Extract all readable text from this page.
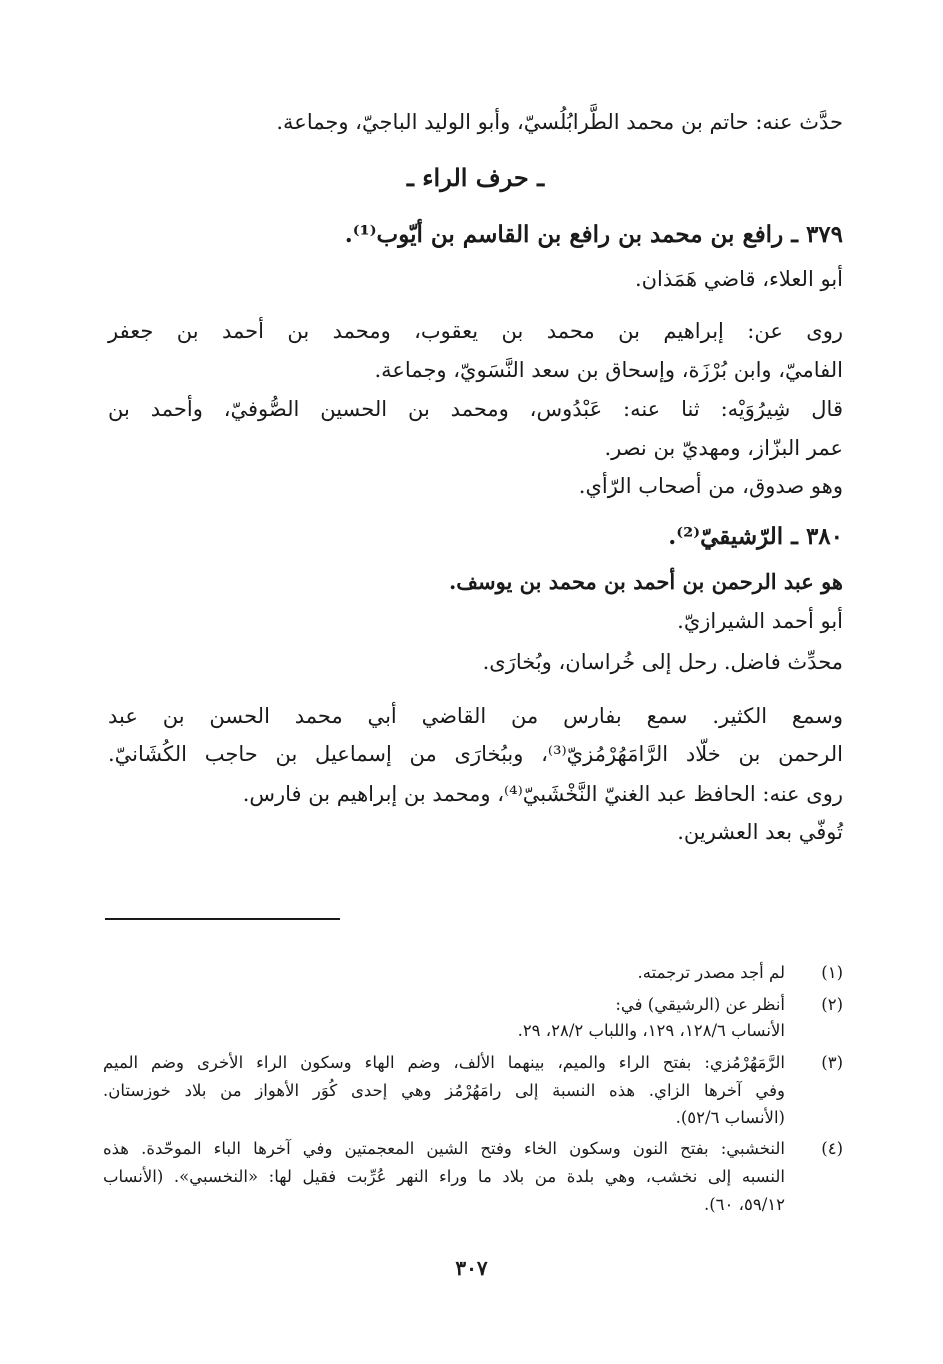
حدَّث عنه: حاتم بن محمد الطَّرابُلُسيّ، وأبو الوليد الباجيّ، وجماعة.
ـ حرف الراء ـ
٣٧٩ ـ رافع بن محمد بن رافع بن القاسم بن أيّوب⁽¹⁾.
أبو العلاء، قاضي هَمَذان.
روى عن: إبراهيم بن محمد بن يعقوب، ومحمد بن أحمد بن جعفر
الفاميّ، وابن بُرْزَة، وإسحاق بن سعد النَّسَويّ، وجماعة.
قال شِيرُوَيْه: ثنا عنه: عَبْدُوس، ومحمد بن الحسين الصُّوفيّ، وأحمد بن
عمر البزّاز، ومهديّ بن نصر.
وهو صدوق، من أصحاب الرّأي.
٣٨٠ ـ الرّشيقيّ⁽²⁾.
هو عبد الرحمن بن أحمد بن محمد بن يوسف.
أبو أحمد الشيرازيّ.
محدِّث فاضل. رحل إلى خُراسان، وبُخارَى.
وسمع الكثير. سمع بفارس من القاضي أبي محمد الحسن بن عبد
الرحمن بن خلّاد الرَّامَهُرْمُزيّ⁽³⁾، وببُخارَى من إسماعيل بن حاجب الكُشَانيّ.
روى عنه: الحافظ عبد الغنيّ النَّخْشَبيّ⁽⁴⁾، ومحمد بن إبراهيم بن فارس.
تُوفّي بعد العشرين.
(١)
لم أجد مصدر ترجمته.
(٢)
أنظر عن (الرشيقي) في:
الأنساب ١٢٨/٦، ١٢٩، واللباب ٢٨/٢، ٢٩.
(٣)
الرَّمَهُرْمُزي: بفتح الراء والميم، بينهما الألف، وضم الهاء وسكون الراء الأخرى وضم الميم
وفي آخرها الزاي. هذه النسبة إلى رامَهُرْمُز وهي إحدى كُوَر الأهواز من بلاد خوزستان.
(الأنساب ٥٢/٦).
(٤)
النخشبي: بفتح النون وسكون الخاء وفتح الشين المعجمتين وفي آخرها الباء الموحّدة. هذه
النسبه إلى نخشب، وهي بلدة من بلاد ما وراء النهر عُرِّبت فقيل لها: «النخسبي». (الأنساب
٥٩/١٢، ٦٠).
٣٠٧
